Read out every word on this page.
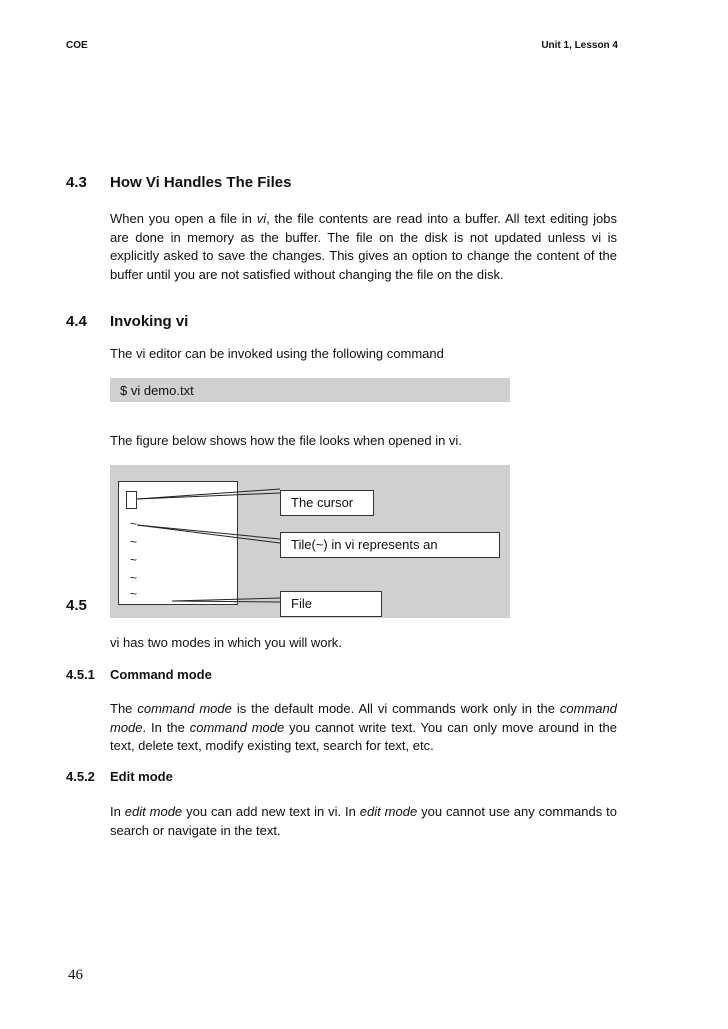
COE	Unit 1, Lesson 4
4.3 How Vi Handles The Files

When you open a file in vi, the file contents are read into a buffer. All text editing jobs are done in memory as the buffer. The file on the disk is not updated unless vi is explicitly asked to save the changes. This gives an option to change the content of the buffer until you are not satisfied without changing the file on the disk.

4.4 Invoking vi

The vi editor can be invoked using the following command

$ vi demo.txt

The figure below shows how the file looks when opened in vi.

~
~
~
~
~
The cursor
Tile(~) in vi represents an
File
4.5

vi has two modes in which you will work.

4.5.1 Command mode

The command mode is the default mode. All vi commands work only in the command mode. In the command mode you cannot write text. You can only move around in the text, delete text, modify existing text, search for text, etc.

4.5.2 Edit mode

In edit mode you can add new text in vi. In edit mode you cannot use any commands to search or navigate in the text.

46
